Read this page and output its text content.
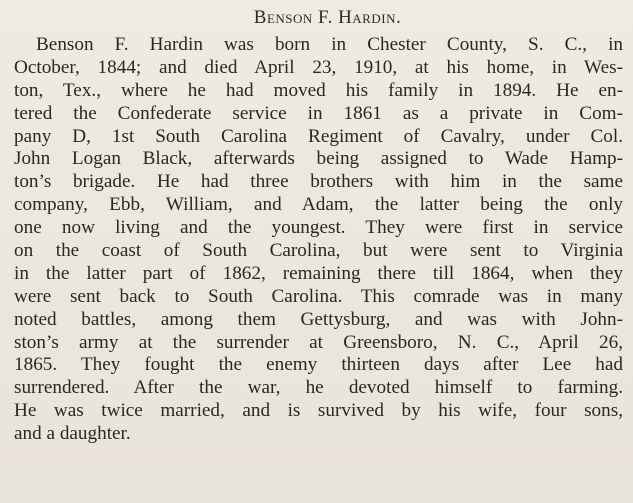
Benson F. Hardin.
Benson F. Hardin was born in Chester County, S. C., in
October, 1844; and died April 23, 1910, at his home, in Wes-
ton, Tex., where he had moved his family in 1894. He en-
tered the Confederate service in 1861 as a private in Com-
pany D, 1st South Carolina Regiment of Cavalry, under Col.
John Logan Black, afterwards being assigned to Wade Hamp-
ton’s brigade. He had three brothers with him in the same
company, Ebb, William, and Adam, the latter being the only
one now living and the youngest. They were first in service
on the coast of South Carolina, but were sent to Virginia
in the latter part of 1862, remaining there till 1864, when they
were sent back to South Carolina. This comrade was in many
noted battles, among them Gettysburg, and was with John-
ston’s army at the surrender at Greensboro, N. C., April 26,
1865. They fought the enemy thirteen days after Lee had
surrendered. After the war, he devoted himself to farming.
He was twice married, and is survived by his wife, four sons,
and a daughter.
